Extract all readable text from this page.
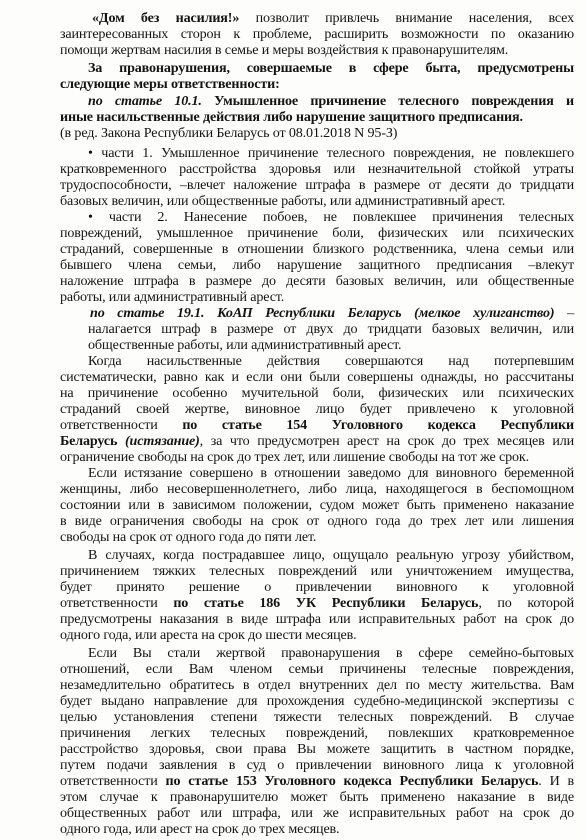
«Дом без насилия!» позволит привлечь внимание населения, всех
заинтересованных сторон к проблеме, расширить возможности по оказанию
помощи жертвам насилия в семье и меры воздействия к правонарушителям.
За правонарушения, совершаемые в сфере быта, предусмотрены
следующие меры ответственности:
по статье 10.1. Умышленное причинение телесного повреждения и
иные насильственные действия либо нарушение защитного предписания.
(в ред. Закона Республики Беларусь от 08.01.2018 N 95-З)
• части 1. Умышленное причинение телесного повреждения, не повлекшего
кратковременного расстройства здоровья или незначительной стойкой утраты
трудоспособности, –влечет наложение штрафа в размере от десяти до тридцати
базовых величин, или общественные работы, или административный арест.
• части 2. Нанесение побоев, не повлекшее причинения телесных
повреждений, умышленное причинение боли, физических или психических
страданий, совершенные в отношении близкого родственника, члена семьи или
бывшего члена семьи, либо нарушение защитного предписания –влекут
наложение штрафа в размере до десяти базовых величин, или общественные
работы, или административный арест.
по статье 19.1. КоАП Республики Беларусь (мелкое хулиганство) –
налагается штраф в размере от двух до тридцати базовых величин, или
общественные работы, или административный арест.
Когда насильственные действия совершаются над потерпевшим
систематически, равно как и если они были совершены однажды, но рассчитаны
на причинение особенно мучительной боли, физических или психических
страданий своей жертве, виновное лицо будет привлечено к уголовной
ответственности по статье 154 Уголовного кодекса Республики
Беларусь (истязание), за что предусмотрен арест на срок до трех месяцев или
ограничение свободы на срок до трех лет, или лишение свободы на тот же срок.
Если истязание совершено в отношении заведомо для виновного беременной
женщины, либо несовершеннолетнего, либо лица, находящегося в беспомощном
состоянии или в зависимом положении, судом может быть применено наказание
в виде ограничения свободы на срок от одного года до трех лет или лишения
свободы на срок от одного года до пяти лет.
В случаях, когда пострадавшее лицо, ощущало реальную угрозу убийством,
причинением тяжких телесных повреждений или уничтожением имущества,
будет принято решение о привлечении виновного к уголовной
ответственности по статье 186 УК Республики Беларусь, по которой
предусмотрены наказания в виде штрафа или исправительных работ на срок до
одного года, или ареста на срок до шести месяцев.
Если Вы стали жертвой правонарушения в сфере семейно-бытовых
отношений, если Вам членом семьи причинены телесные повреждения,
незамедлительно обратитесь в отдел внутренних дел по месту жительства. Вам
будет выдано направление для прохождения судебно-медицинской экспертизы с
целью установления степени тяжести телесных повреждений. В случае
причинения легких телесных повреждений, повлекших кратковременное
расстройство здоровья, свои права Вы можете защитить в частном порядке,
путем подачи заявления в суд о привлечении виновного лица к уголовной
ответственности по статье 153 Уголовного кодекса Республики Беларусь. И в
этом случае к правонарушителю может быть применено наказание в виде
общественных работ или штрафа, или же исправительных работ на срок до
одного года, или арест на срок до трех месяцев.
